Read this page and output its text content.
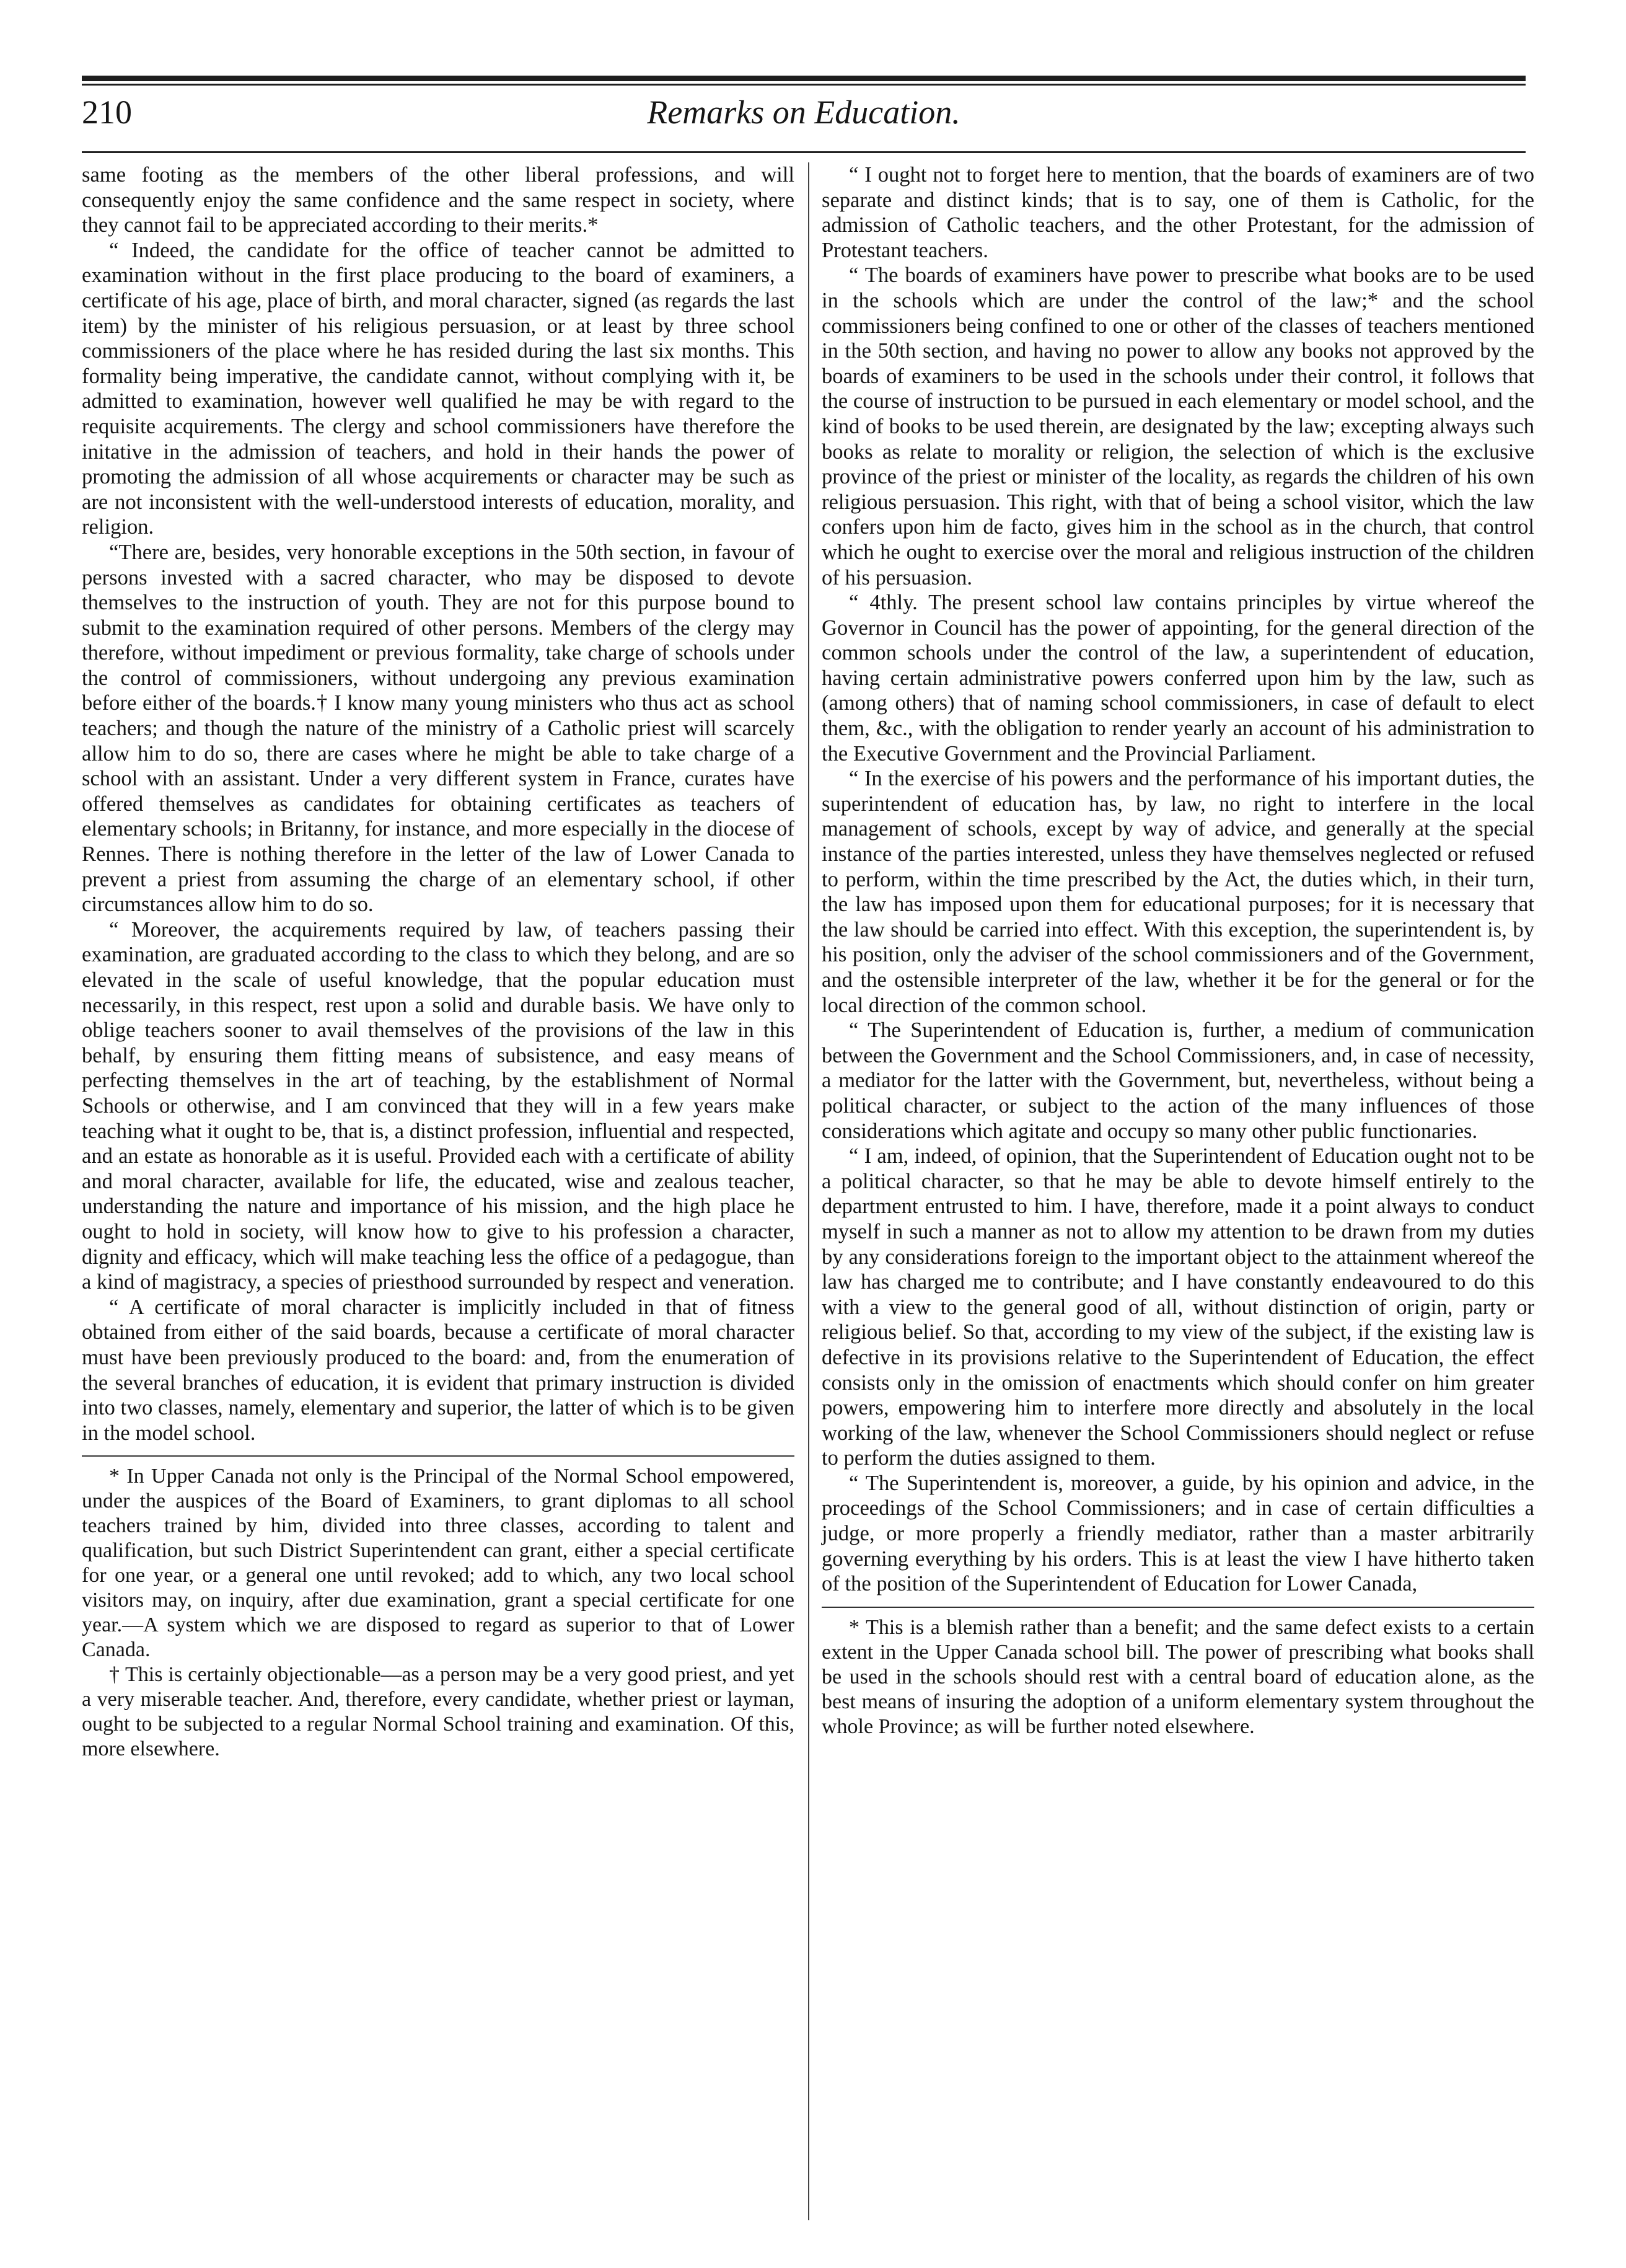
210	Remarks on Education.

same footing as the members of the other liberal professions, and will consequently enjoy the same confidence and the same respect in society, where they cannot fail to be appreciated according to their merits.*

“ Indeed, the candidate for the office of teacher cannot be admitted to examination without in the first place producing to the board of examiners, a certificate of his age, place of birth, and moral character, signed (as regards the last item) by the minister of his religious persuasion, or at least by three school commissioners of the place where he has resided during the last six months. This formality being imperative, the candidate cannot, without complying with it, be admitted to examination, however well qualified he may be with regard to the requisite acquirements. The clergy and school commissioners have therefore the initative in the admission of teachers, and hold in their hands the power of promoting the admission of all whose acquirements or character may be such as are not inconsistent with the well-understood interests of education, morality, and religion.

“There are, besides, very honorable exceptions in the 50th section, in favour of persons invested with a sacred character, who may be disposed to devote themselves to the instruction of youth. They are not for this purpose bound to submit to the examination required of other persons. Members of the clergy may therefore, without impediment or previous formality, take charge of schools under the control of commissioners, without undergoing any previous examination before either of the boards.† I know many young ministers who thus act as school teachers; and though the nature of the ministry of a Catholic priest will scarcely allow him to do so, there are cases where he might be able to take charge of a school with an assistant. Under a very different system in France, curates have offered themselves as candidates for obtaining certificates as teachers of elementary schools; in Britanny, for instance, and more especially in the diocese of Rennes. There is nothing therefore in the letter of the law of Lower Canada to prevent a priest from assuming the charge of an elementary school, if other circumstances allow him to do so.

“ Moreover, the acquirements required by law, of teachers passing their examination, are graduated according to the class to which they belong, and are so elevated in the scale of useful knowledge, that the popular education must necessarily, in this respect, rest upon a solid and durable basis. We have only to oblige teachers sooner to avail themselves of the provisions of the law in this behalf, by ensuring them fitting means of subsistence, and easy means of perfecting themselves in the art of teaching, by the establishment of Normal Schools or otherwise, and I am convinced that they will in a few years make teaching what it ought to be, that is, a distinct profession, influential and respected, and an estate as honorable as it is useful. Provided each with a certificate of ability and moral character, available for life, the educated, wise and zealous teacher, understanding the nature and importance of his mission, and the high place he ought to hold in society, will know how to give to his profession a character, dignity and efficacy, which will make teaching less the office of a pedagogue, than a kind of magistracy, a species of priesthood surrounded by respect and veneration.

“ A certificate of moral character is implicitly included in that of fitness obtained from either of the said boards, because a certificate of moral character must have been previously produced to the board: and, from the enumeration of the several branches of education, it is evident that primary instruction is divided into two classes, namely, elementary and superior, the latter of which is to be given in the model school.

* In Upper Canada not only is the Principal of the Normal School empowered, under the auspices of the Board of Examiners, to grant diplomas to all school teachers trained by him, divided into three classes, according to talent and qualification, but such District Superintendent can grant, either a special certificate for one year, or a general one until revoked; add to which, any two local school visitors may, on inquiry, after due examination, grant a special certificate for one year.—A system which we are disposed to regard as superior to that of Lower Canada.

† This is certainly objectionable—as a person may be a very good priest, and yet a very miserable teacher. And, therefore, every candidate, whether priest or layman, ought to be subjected to a regular Normal School training and examination. Of this, more elsewhere.

“ I ought not to forget here to mention, that the boards of examiners are of two separate and distinct kinds; that is to say, one of them is Catholic, for the admission of Catholic teachers, and the other Protestant, for the admission of Protestant teachers.

“ The boards of examiners have power to prescribe what books are to be used in the schools which are under the control of the law;* and the school commissioners being confined to one or other of the classes of teachers mentioned in the 50th section, and having no power to allow any books not approved by the boards of examiners to be used in the schools under their control, it follows that the course of instruction to be pursued in each elementary or model school, and the kind of books to be used therein, are designated by the law; excepting always such books as relate to morality or religion, the selection of which is the exclusive province of the priest or minister of the locality, as regards the children of his own religious persuasion. This right, with that of being a school visitor, which the law confers upon him de facto, gives him in the school as in the church, that control which he ought to exercise over the moral and religious instruction of the children of his persuasion.

“ 4thly. The present school law contains principles by virtue whereof the Governor in Council has the power of appointing, for the general direction of the common schools under the control of the law, a superintendent of education, having certain administrative powers conferred upon him by the law, such as (among others) that of naming school commissioners, in case of default to elect them, &c., with the obligation to render yearly an account of his administration to the Executive Government and the Provincial Parliament.

“ In the exercise of his powers and the performance of his important duties, the superintendent of education has, by law, no right to interfere in the local management of schools, except by way of advice, and generally at the special instance of the parties interested, unless they have themselves neglected or refused to perform, within the time prescribed by the Act, the duties which, in their turn, the law has imposed upon them for educational purposes; for it is necessary that the law should be carried into effect. With this exception, the superintendent is, by his position, only the adviser of the school commissioners and of the Government, and the ostensible interpreter of the law, whether it be for the general or for the local direction of the common school.

“ The Superintendent of Education is, further, a medium of communication between the Government and the School Commissioners, and, in case of necessity, a mediator for the latter with the Government, but, nevertheless, without being a political character, or subject to the action of the many influences of those considerations which agitate and occupy so many other public functionaries.

“ I am, indeed, of opinion, that the Superintendent of Education ought not to be a political character, so that he may be able to devote himself entirely to the department entrusted to him. I have, therefore, made it a point always to conduct myself in such a manner as not to allow my attention to be drawn from my duties by any considerations foreign to the important object to the attainment whereof the law has charged me to contribute; and I have constantly endeavoured to do this with a view to the general good of all, without distinction of origin, party or religious belief. So that, according to my view of the subject, if the existing law is defective in its provisions relative to the Superintendent of Education, the effect consists only in the omission of enactments which should confer on him greater powers, empowering him to interfere more directly and absolutely in the local working of the law, whenever the School Commissioners should neglect or refuse to perform the duties assigned to them.

“ The Superintendent is, moreover, a guide, by his opinion and advice, in the proceedings of the School Commissioners; and in case of certain difficulties a judge, or more properly a friendly mediator, rather than a master arbitrarily governing everything by his orders. This is at least the view I have hitherto taken of the position of the Superintendent of Education for Lower Canada,

* This is a blemish rather than a benefit; and the same defect exists to a certain extent in the Upper Canada school bill. The power of prescribing what books shall be used in the schools should rest with a central board of education alone, as the best means of insuring the adoption of a uniform elementary system throughout the whole Province; as will be further noted elsewhere.
